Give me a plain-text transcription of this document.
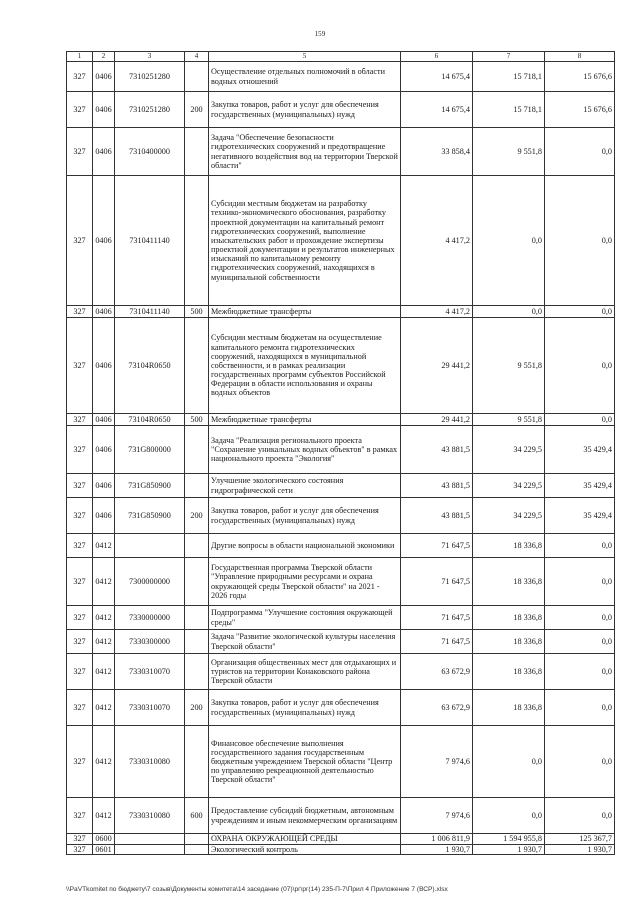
159
1	2	3	4	5	6	7	8
327	0406	7310251280		Осуществление отдельных полномочий в области водных отношений	14 675,4	15 718,1	15 676,6
327	0406	7310251280	200	Закупка товаров, работ и услуг для обеспечения государственных (муниципальных) нужд	14 675,4	15 718,1	15 676,6
327	0406	7310400000		Задача "Обеспечение безопасности гидротехнических сооружений и предотвращение негативного воздействия вод на территории Тверской области"	33 858,4	9 551,8	0,0
327	0406	7310411140		Субсидии местным бюджетам на разработку технико-экономического обоснования, разработку проектной документации на капитальный ремонт гидротехнических сооружений, выполнение изыскательских работ и прохождение экспертизы проектной документации и результатов инженерных изысканий по капитальному ремонту гидротехнических сооружений, находящихся в муниципальной собственности	4 417,2	0,0	0,0
327	0406	7310411140	500	Межбюджетные трансферты	4 417,2	0,0	0,0
327	0406	73104R0650		Субсидии местным бюджетам на осуществление капитального ремонта гидротехнических сооружений, находящихся в муниципальной собственности, и в рамках реализации государственных программ субъектов Российской Федерации в области использования и охраны водных объектов	29 441,2	9 551,8	0,0
327	0406	73104R0650	500	Межбюджетные трансферты	29 441,2	9 551,8	0,0
327	0406	731G800000		Задача "Реализация регионального проекта "Сохранение уникальных водных объектов" в рамках национального проекта "Экология"	43 881,5	34 229,5	35 429,4
327	0406	731G850900		Улучшение экологического состояния гидрографической сети	43 881,5	34 229,5	35 429,4
327	0406	731G850900	200	Закупка товаров, работ и услуг для обеспечения государственных (муниципальных) нужд	43 881,5	34 229,5	35 429,4
327	0412			Другие вопросы в области национальной экономики	71 647,5	18 336,8	0,0
327	0412	7300000000		Государственная программа Тверской области "Управление природными ресурсами и охрана окружающей среды Тверской области" на 2021 - 2026 годы	71 647,5	18 336,8	0,0
327	0412	7330000000		Подпрограмма "Улучшение состояния окружающей среды"	71 647,5	18 336,8	0,0
327	0412	7330300000		Задача "Развитие экологической культуры населения Тверской области"	71 647,5	18 336,8	0,0
327	0412	7330310070		Организация общественных мест для отдыхающих и туристов на территории Конаковского района Тверской области	63 672,9	18 336,8	0,0
327	0412	7330310070	200	Закупка товаров, работ и услуг для обеспечения государственных (муниципальных) нужд	63 672,9	18 336,8	0,0
327	0412	7330310080		Финансовое обеспечение выполнения государственного задания государственным бюджетным учреждением Тверской области "Центр по управлению рекреационной деятельностью Тверской области"	7 974,6	0,0	0,0
327	0412	7330310080	600	Предоставление субсидий бюджетным, автономным учреждениям и иным некоммерческим организациям	7 974,6	0,0	0,0
327	0600			ОХРАНА ОКРУЖАЮЩЕЙ СРЕДЫ	1 006 811,9	1 594 955,8	125 367,7
327	0601			Экологический контроль	1 930,7	1 930,7	1 930,7
\\PaVTkomitet по бюджету\7 созыв\Документы комитета\14 заседание (07)\рг\рг(14) 235-П-7\Прил 4 Приложение 7 (ВСР).xlsx
